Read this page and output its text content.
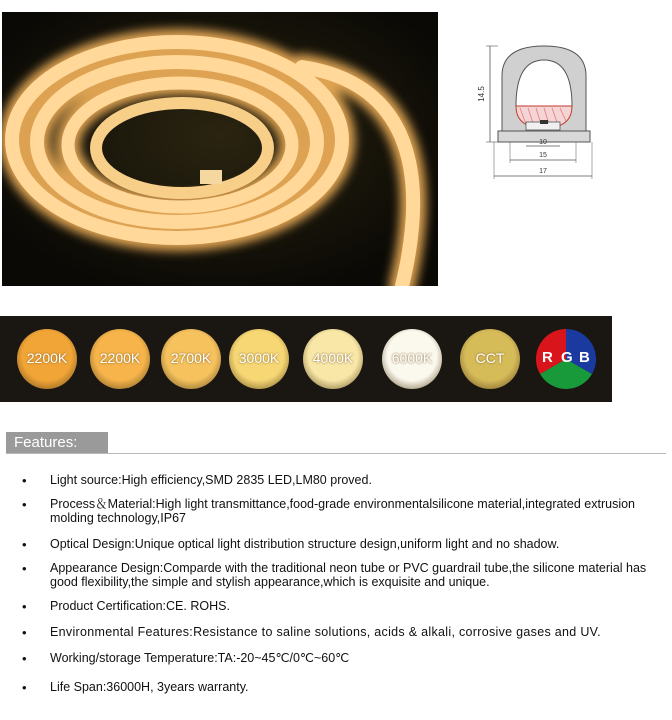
14.5
10
15
17
2200K	2200K	2700K	3000K	4000K	6000K	CCT	R G B
Features:
• Light source:High efficiency,SMD 2835 LED,LM80 proved.
• Process＆Material:High light transmittance,food-grade environmentalsilicone material,integrated extrusion molding technology,IP67
• Optical Design:Unique optical light distribution structure design,uniform light and no shadow.
• Appearance Design:Comparde with the traditional neon tube or PVC guardrail tube,the silicone material has good flexibility,the simple and stylish appearance,which is exquisite and unique.
• Product Certification:CE. ROHS.
• Environmental Features:Resistance to saline solutions, acids & alkali, corrosive gases and UV.
• Working/storage Temperature:TA:-20~45℃/0℃~60℃
• Life Span:36000H, 3years warranty.
